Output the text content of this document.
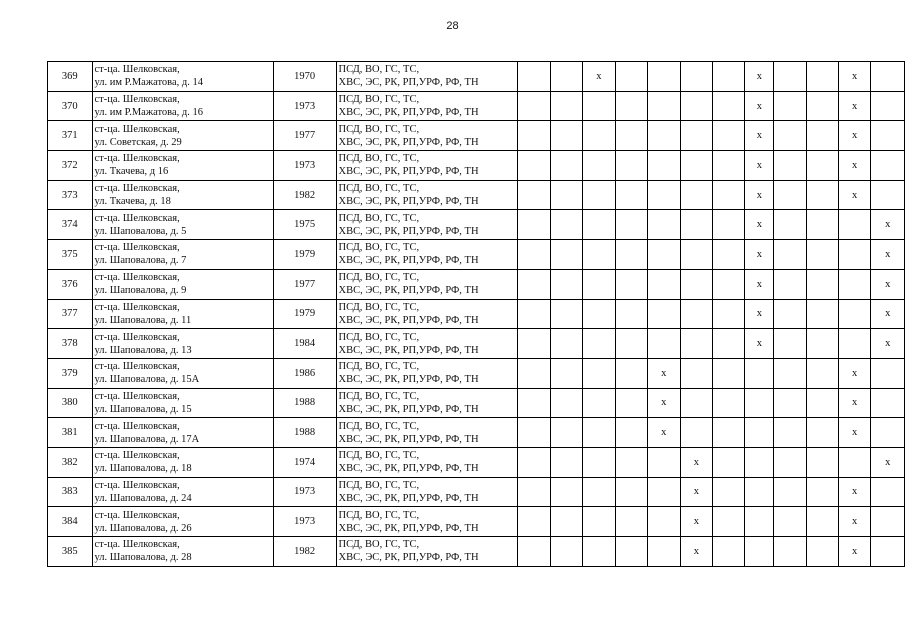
28
369	ст-ца. Шелковская,
ул. им Р.Мажатова, д. 14	1970	ПСД, ВО, ГС, ТС,
ХВС, ЭС, РК, РП,УРФ, РФ, ТН			x					x			x	
370	ст-ца. Шелковская,
ул. им Р.Мажатова, д. 16	1973	ПСД, ВО, ГС, ТС,
ХВС, ЭС, РК, РП,УРФ, РФ, ТН								x			x	
371	ст-ца. Шелковская,
ул. Советская, д. 29	1977	ПСД, ВО, ГС, ТС,
ХВС, ЭС, РК, РП,УРФ, РФ, ТН								x			x	
372	ст-ца. Шелковская,
ул. Ткачева, д 16	1973	ПСД, ВО, ГС, ТС,
ХВС, ЭС, РК, РП,УРФ, РФ, ТН								x			x	
373	ст-ца. Шелковская,
ул. Ткачева, д. 18	1982	ПСД, ВО, ГС, ТС,
ХВС, ЭС, РК, РП,УРФ, РФ, ТН								x			x	
374	ст-ца. Шелковская,
ул. Шаповалова, д. 5	1975	ПСД, ВО, ГС, ТС,
ХВС, ЭС, РК, РП,УРФ, РФ, ТН								x				x
375	ст-ца. Шелковская,
ул. Шаповалова, д. 7	1979	ПСД, ВО, ГС, ТС,
ХВС, ЭС, РК, РП,УРФ, РФ, ТН								x				x
376	ст-ца. Шелковская,
ул. Шаповалова, д. 9	1977	ПСД, ВО, ГС, ТС,
ХВС, ЭС, РК, РП,УРФ, РФ, ТН								x				x
377	ст-ца. Шелковская,
ул. Шаповалова, д. 11	1979	ПСД, ВО, ГС, ТС,
ХВС, ЭС, РК, РП,УРФ, РФ, ТН								x				x
378	ст-ца. Шелковская,
ул. Шаповалова, д. 13	1984	ПСД, ВО, ГС, ТС,
ХВС, ЭС, РК, РП,УРФ, РФ, ТН								x				x
379	ст-ца. Шелковская,
ул. Шаповалова, д. 15А	1986	ПСД, ВО, ГС, ТС,
ХВС, ЭС, РК, РП,УРФ, РФ, ТН					x						x	
380	ст-ца. Шелковская,
ул. Шаповалова, д. 15	1988	ПСД, ВО, ГС, ТС,
ХВС, ЭС, РК, РП,УРФ, РФ, ТН					x						x	
381	ст-ца. Шелковская,
ул. Шаповалова, д. 17А	1988	ПСД, ВО, ГС, ТС,
ХВС, ЭС, РК, РП,УРФ, РФ, ТН					x						x	
382	ст-ца. Шелковская,
ул. Шаповалова, д. 18	1974	ПСД, ВО, ГС, ТС,
ХВС, ЭС, РК, РП,УРФ, РФ, ТН						x						x
383	ст-ца. Шелковская,
ул. Шаповалова, д. 24	1973	ПСД, ВО, ГС, ТС,
ХВС, ЭС, РК, РП,УРФ, РФ, ТН						x					x	
384	ст-ца. Шелковская,
ул. Шаповалова, д. 26	1973	ПСД, ВО, ГС, ТС,
ХВС, ЭС, РК, РП,УРФ, РФ, ТН						x					x	
385	ст-ца. Шелковская,
ул. Шаповалова, д. 28	1982	ПСД, ВО, ГС, ТС,
ХВС, ЭС, РК, РП,УРФ, РФ, ТН						x					x	
